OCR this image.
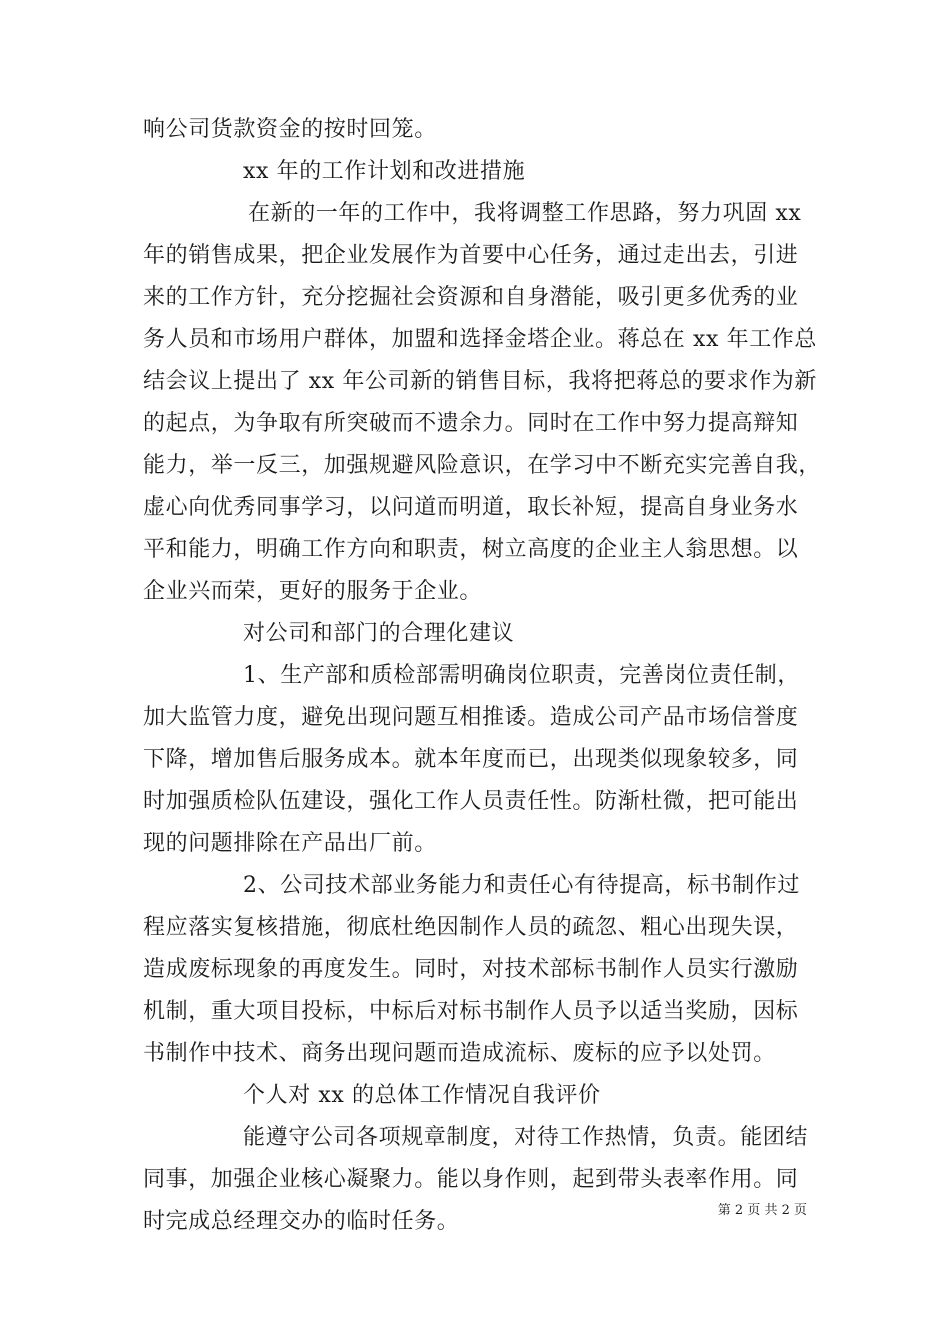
响公司货款资金的按时回笼。
xx 年的工作计划和改进措施
在新的一年的工作中，我将调整工作思路，努力巩固 xx
年的销售成果，把企业发展作为首要中心任务，通过走出去，引进
来的工作方针，充分挖掘社会资源和自身潜能，吸引更多优秀的业
务人员和市场用户群体，加盟和选择金塔企业。蒋总在 xx 年工作总
结会议上提出了 xx 年公司新的销售目标，我将把蒋总的要求作为新
的起点，为争取有所突破而不遗余力。同时在工作中努力提高辩知
能力，举一反三，加强规避风险意识，在学习中不断充实完善自我，
虚心向优秀同事学习，以问道而明道，取长补短，提高自身业务水
平和能力，明确工作方向和职责，树立高度的企业主人翁思想。以
企业兴而荣，更好的服务于企业。
对公司和部门的合理化建议
1、生产部和质检部需明确岗位职责，完善岗位责任制，
加大监管力度，避免出现问题互相推诿。造成公司产品市场信誉度
下降，增加售后服务成本。就本年度而已，出现类似现象较多，同
时加强质检队伍建设，强化工作人员责任性。防渐杜微，把可能出
现的问题排除在产品出厂前。
2、公司技术部业务能力和责任心有待提高，标书制作过
程应落实复核措施，彻底杜绝因制作人员的疏忽、粗心出现失误，
造成废标现象的再度发生。同时，对技术部标书制作人员实行激励
机制，重大项目投标，中标后对标书制作人员予以适当奖励，因标
书制作中技术、商务出现问题而造成流标、废标的应予以处罚。
个人对 xx 的总体工作情况自我评价
能遵守公司各项规章制度，对待工作热情，负责。能团结
同事，加强企业核心凝聚力。能以身作则，起到带头表率作用。同
时完成总经理交办的临时任务。	第 2 页 共 2 页
